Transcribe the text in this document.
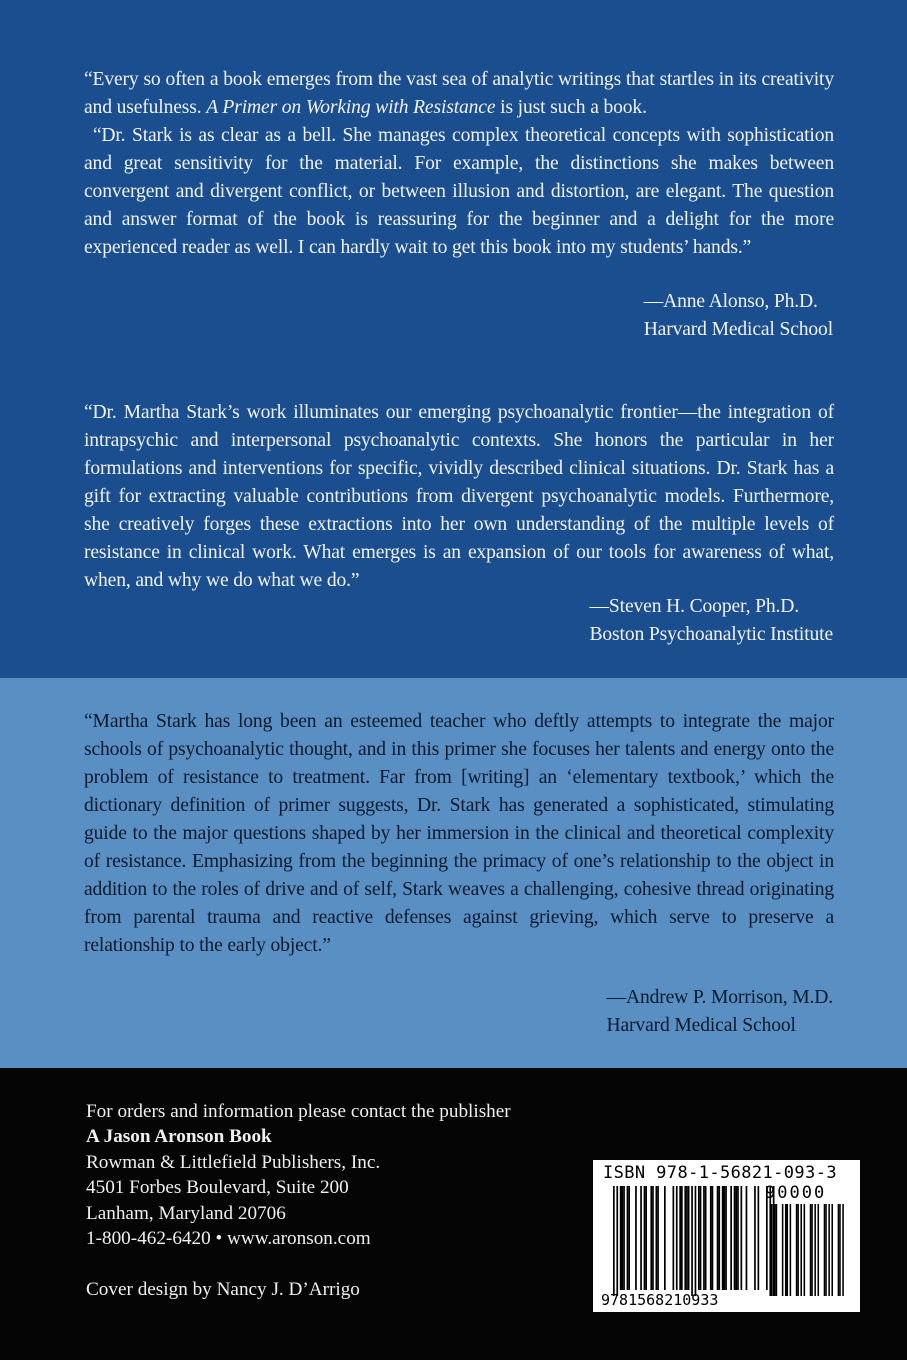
“Every so often a book emerges from the vast sea of analytic writings that startles in its creativity and usefulness. A Primer on Working with Resistance is just such a book.

“Dr. Stark is as clear as a bell. She manages complex theoretical concepts with sophistication and great sensitivity for the material. For example, the distinctions she makes between convergent and divergent conflict, or between illusion and distortion, are elegant. The question and answer format of the book is reassuring for the beginner and a delight for the more experienced reader as well. I can hardly wait to get this book into my students’ hands.”

—Anne Alonso, Ph.D.
Harvard Medical School

“Dr. Martha Stark’s work illuminates our emerging psychoanalytic frontier—the integration of intrapsychic and interpersonal psychoanalytic contexts. She honors the particular in her formulations and interventions for specific, vividly described clinical situations. Dr. Stark has a gift for extracting valuable contributions from divergent psychoanalytic models. Furthermore, she creatively forges these extractions into her own understanding of the multiple levels of resistance in clinical work. What emerges is an expansion of our tools for awareness of what, when, and why we do what we do.”

—Steven H. Cooper, Ph.D.
Boston Psychoanalytic Institute

“Martha Stark has long been an esteemed teacher who deftly attempts to integrate the major schools of psychoanalytic thought, and in this primer she focuses her talents and energy onto the problem of resistance to treatment. Far from [writing] an ‘elementary textbook,’ which the dictionary definition of primer suggests, Dr. Stark has generated a sophisticated, stimulating guide to the major questions shaped by her immersion in the clinical and theoretical complexity of resistance. Emphasizing from the beginning the primacy of one’s relationship to the object in addition to the roles of drive and of self, Stark weaves a challenging, cohesive thread originating from parental trauma and reactive defenses against grieving, which serve to preserve a relationship to the early object.”

—Andrew P. Morrison, M.D.
Harvard Medical School
For orders and information please contact the publisher
A Jason Aronson Book
Rowman & Littlefield Publishers, Inc.
4501 Forbes Boulevard, Suite 200
Lanham, Maryland 20706
1-800-462-6420 • www.aronson.com
Cover design by Nancy J. D’Arrigo	9781568210933
90000
ISBN 978-1-56821-093-3
